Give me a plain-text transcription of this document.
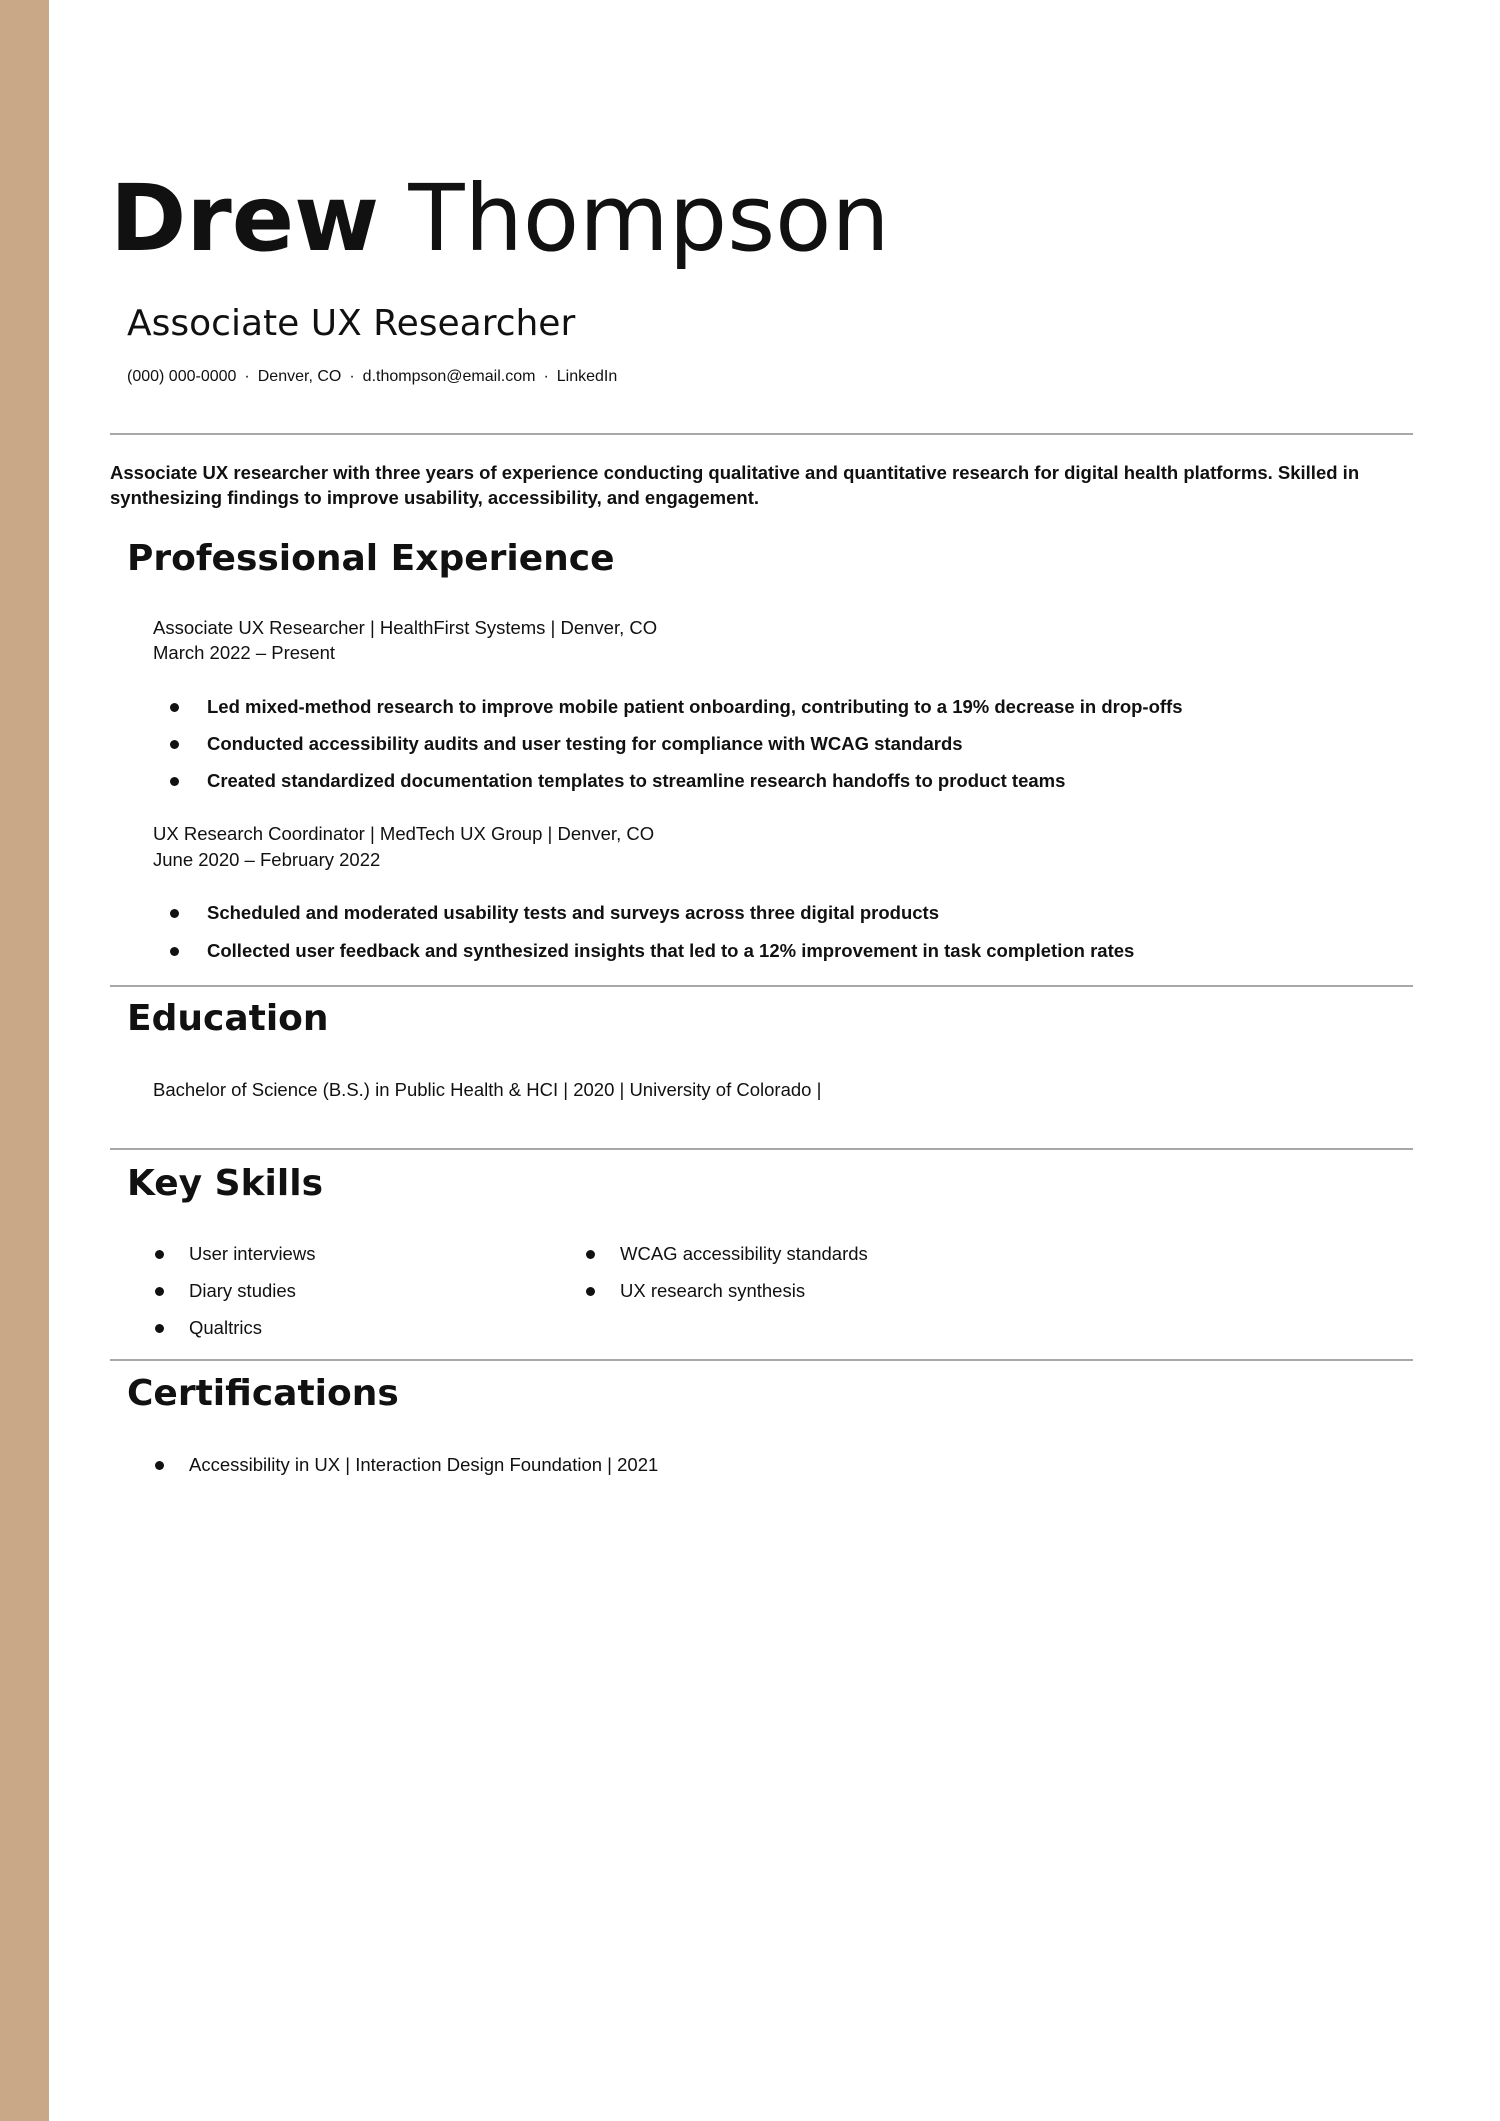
Drew Thompson
Associate UX Researcher
(000) 000-0000 · Denver, CO · d.thompson@email.com · LinkedIn
Associate UX researcher with three years of experience conducting qualitative and quantitative research for digital health platforms. Skilled in synthesizing findings to improve usability, accessibility, and engagement.
Professional Experience
Associate UX Researcher | HealthFirst Systems | Denver, CO
March 2022 – Present
Led mixed-method research to improve mobile patient onboarding, contributing to a 19% decrease in drop-offs
Conducted accessibility audits and user testing for compliance with WCAG standards
Created standardized documentation templates to streamline research handoffs to product teams
UX Research Coordinator | MedTech UX Group | Denver, CO
June 2020 – February 2022
Scheduled and moderated usability tests and surveys across three digital products
Collected user feedback and synthesized insights that led to a 12% improvement in task completion rates
Education
Bachelor of Science (B.S.) in Public Health & HCI | 2020 | University of Colorado |
Key Skills
User interviews
Diary studies
Qualtrics
WCAG accessibility standards
UX research synthesis
Certifications
Accessibility in UX | Interaction Design Foundation | 2021
